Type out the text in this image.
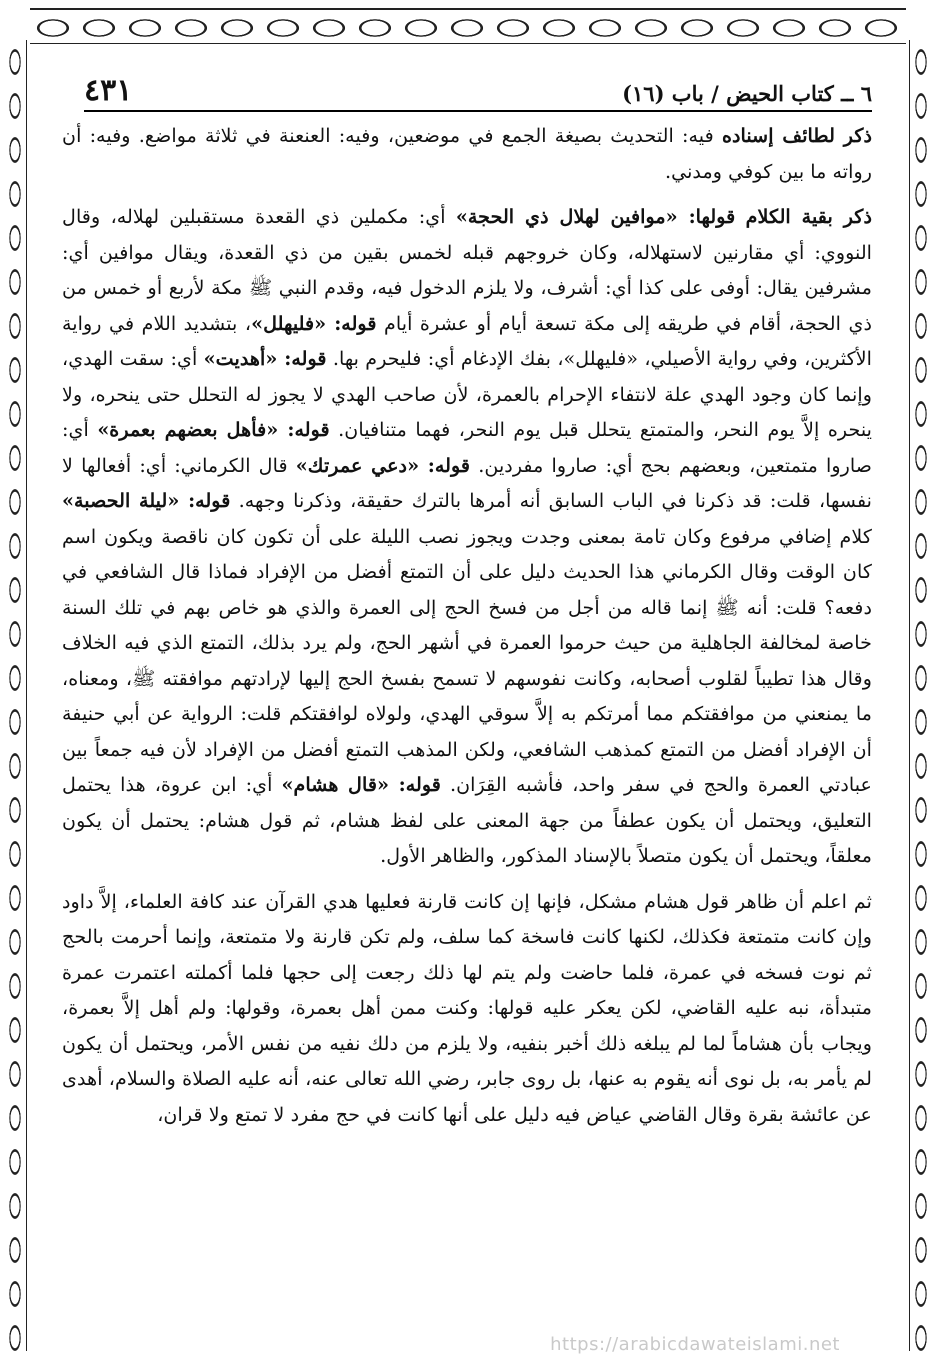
٦ ــ كتاب الحيض / باب (١٦)
٤٣١

ذكر لطائف إسناده فيه: التحديث بصيغة الجمع في موضعين، وفيه: العنعنة في ثلاثة مواضع. وفيه: أن رواته ما بين كوفي ومدني.

ذكر بقية الكلام قولها: «موافين لهلال ذي الحجة» أي: مكملين ذي القعدة مستقبلين لهلاله، وقال النووي: أي مقارنين لاستهلاله، وكان خروجهم قبله لخمس بقين من ذي القعدة، ويقال موافين أي: مشرفين يقال: أوفى على كذا أي: أشرف، ولا يلزم الدخول فيه، وقدم النبي ﷺ مكة لأربع أو خمس من ذي الحجة، أقام في طريقه إلى مكة تسعة أيام أو عشرة أيام قوله: «فليهلل»، بتشديد اللام في رواية الأكثرين، وفي رواية الأصيلي، «فليهلل»، بفك الإدغام أي: فليحرم بها. قوله: «أهديت» أي: سقت الهدي، وإنما كان وجود الهدي علة لانتفاء الإحرام بالعمرة، لأن صاحب الهدي لا يجوز له التحلل حتى ينحره، ولا ينحره إلاَّ يوم النحر، والمتمتع يتحلل قبل يوم النحر، فهما متنافيان. قوله: «فأهل بعضهم بعمرة» أي: صاروا متمتعين، وبعضهم بحج أي: صاروا مفردين. قوله: «دعي عمرتك» قال الكرماني: أي: أفعالها لا نفسها، قلت: قد ذكرنا في الباب السابق أنه أمرها بالترك حقيقة، وذكرنا وجهه. قوله: «ليلة الحصبة» كلام إضافي مرفوع وكان تامة بمعنى وجدت ويجوز نصب الليلة على أن تكون كان ناقصة ويكون اسم كان الوقت وقال الكرماني هذا الحديث دليل على أن التمتع أفضل من الإفراد فماذا قال الشافعي في دفعه؟ قلت: أنه ﷺ إنما قاله من أجل من فسخ الحج إلى العمرة والذي هو خاص بهم في تلك السنة خاصة لمخالفة الجاهلية من حيث حرموا العمرة في أشهر الحج، ولم يرد بذلك، التمتع الذي فيه الخلاف وقال هذا تطيباً لقلوب أصحابه، وكانت نفوسهم لا تسمح بفسخ الحج إليها لإرادتهم موافقته ﷺ، ومعناه، ما يمنعني من موافقتكم مما أمرتكم به إلاَّ سوقي الهدي، ولولاه لوافقتكم قلت: الرواية عن أبي حنيفة أن الإفراد أفضل من التمتع كمذهب الشافعي، ولكن المذهب التمتع أفضل من الإفراد لأن فيه جمعاً بين عبادتي العمرة والحج في سفر واحد، فأشبه القِرَان. قوله: «قال هشام» أي: ابن عروة، هذا يحتمل التعليق، ويحتمل أن يكون عطفاً من جهة المعنى على لفظ هشام، ثم قول هشام: يحتمل أن يكون معلقاً، ويحتمل أن يكون متصلاً بالإسناد المذكور، والظاهر الأول.

ثم اعلم أن ظاهر قول هشام مشكل، فإنها إن كانت قارنة فعليها هدي القرآن عند كافة العلماء، إلاَّ داود وإن كانت متمتعة فكذلك، لكنها كانت فاسخة كما سلف، ولم تكن قارنة ولا متمتعة، وإنما أحرمت بالحج ثم نوت فسخه في عمرة، فلما حاضت ولم يتم لها ذلك رجعت إلى حجها فلما أكملته اعتمرت عمرة متبدأة، نبه عليه القاضي، لكن يعكر عليه قولها: وكنت ممن أهل بعمرة، وقولها: ولم أهل إلاَّ بعمرة، ويجاب بأن هشاماً لما لم يبلغه ذلك أخبر بنفيه، ولا يلزم من دلك نفيه من نفس الأمر، ويحتمل أن يكون لم يأمر به، بل نوى أنه يقوم به عنها، بل روى جابر، رضي الله تعالى عنه، أنه عليه الصلاة والسلام، أهدى عن عائشة بقرة وقال القاضي عياض فيه دليل على أنها كانت في حج مفرد لا تمتع ولا قران،

https://arabicdawateislami.net
